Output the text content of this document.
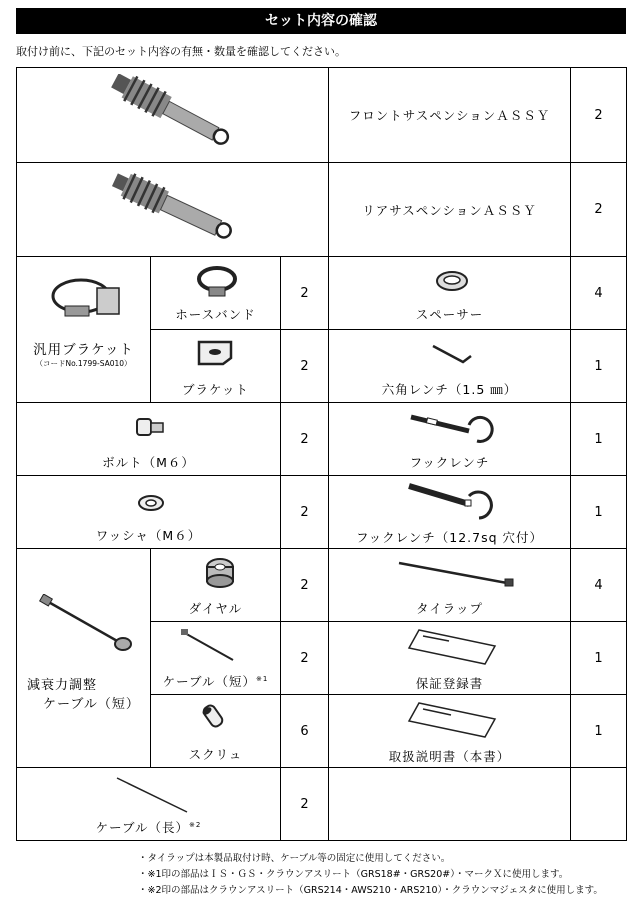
セット内容の確認
取付け前に、下記のセット内容の有無・数量を確認してください。
	フロントサスペンションＡＳＳＹ	2

	リアサスペンションＡＳＳＹ	2

汎用ブラケット
（コードNo.1799-SA010）	ホースバンド	2	スペーサー	4

	ブラケット	2	六角レンチ（1.5 ㎜）	1

ボルト（M６）		2	フックレンチ	1

ワッシャ（M６）		2	フックレンチ（12.7sq 穴付）	1

減衰力調整
ケーブル（短）	ダイヤル	2	タイラップ	4

	ケーブル（短）$^{※1}$	2	保証登録書	1

	スクリュ	6	取扱説明書（本書）	1

ケーブル（長）$^{※2}$		2		
・タイラップは本製品取付け時、ケーブル等の固定に使用してください。
・※1印の部品はＩＳ・ＧＳ・クラウンアスリート（GRS18#・GRS20#）・マークＸに使用します。
・※2印の部品はクラウンアスリート（GRS214・AWS210・ARS210）・クラウンマジェスタに使用します。
